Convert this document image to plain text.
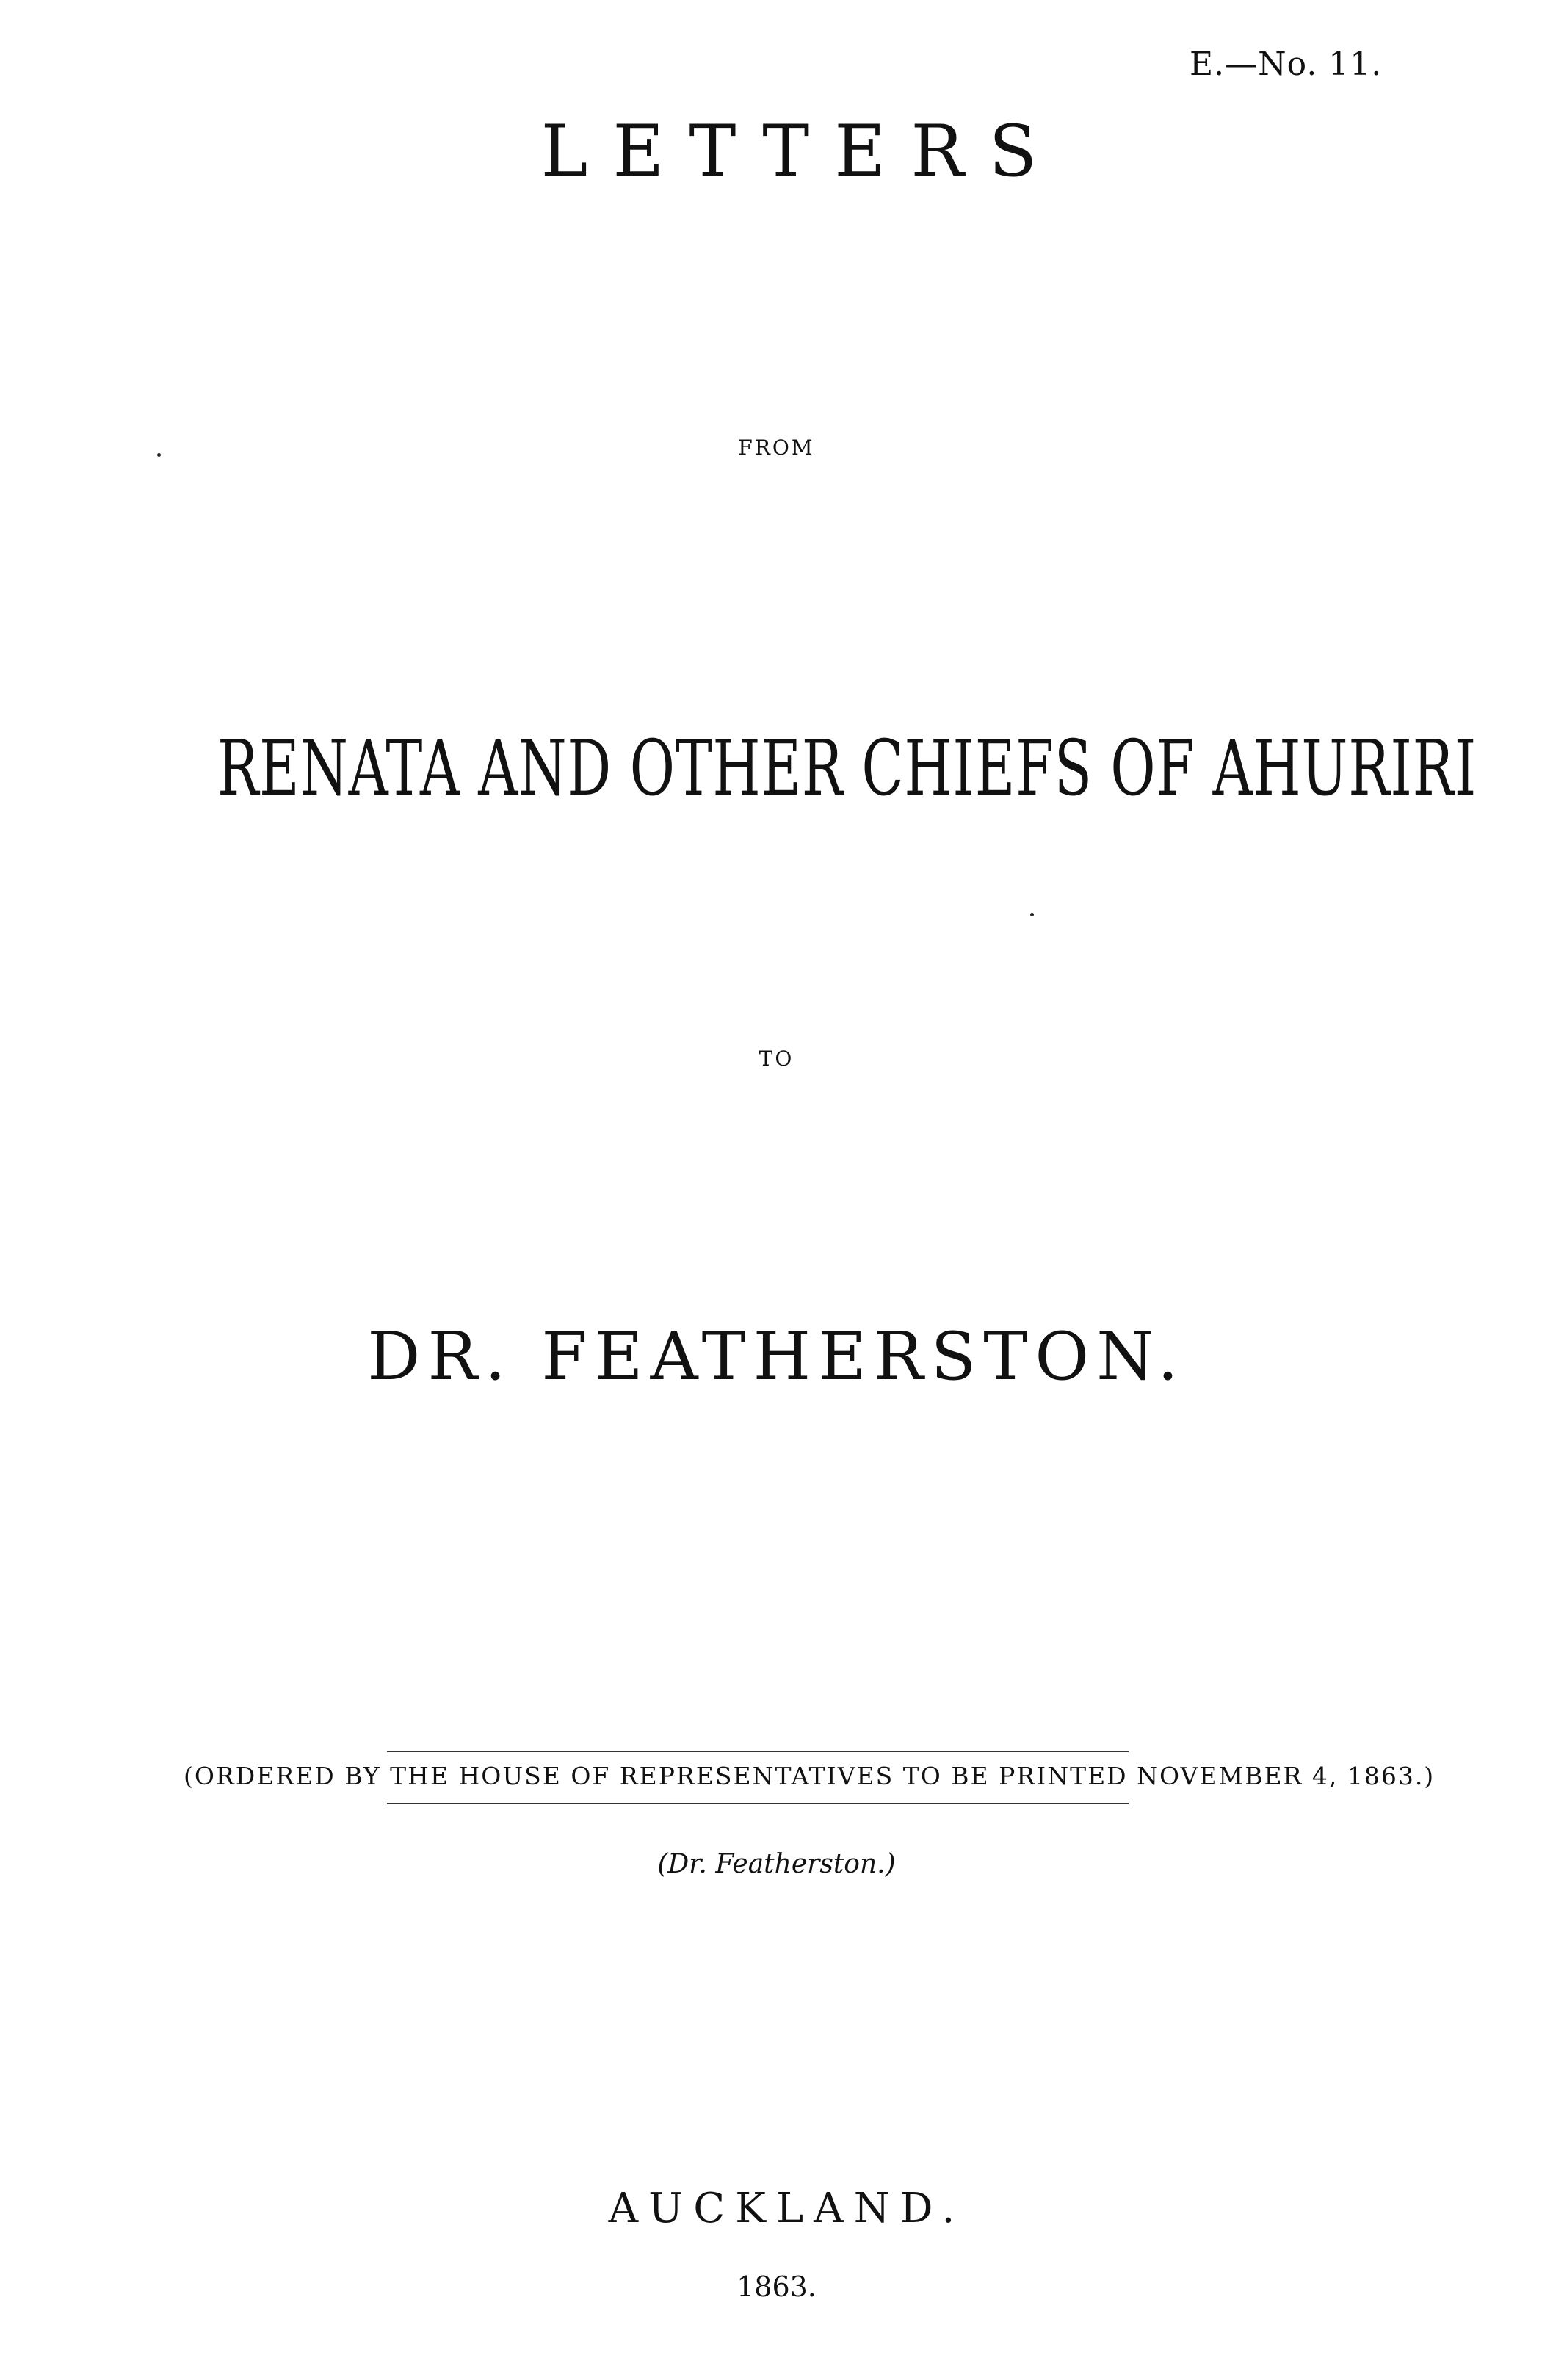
E.—No. 11.
LETTERS
FROM
RENATA AND OTHER CHIEFS OF AHURIRI
TO
DR. FEATHERSTON.
(ORDERED BY THE HOUSE OF REPRESENTATIVES TO BE PRINTED NOVEMBER 4, 1863.)
(Dr. Featherston.)
AUCKLAND.
1863.
